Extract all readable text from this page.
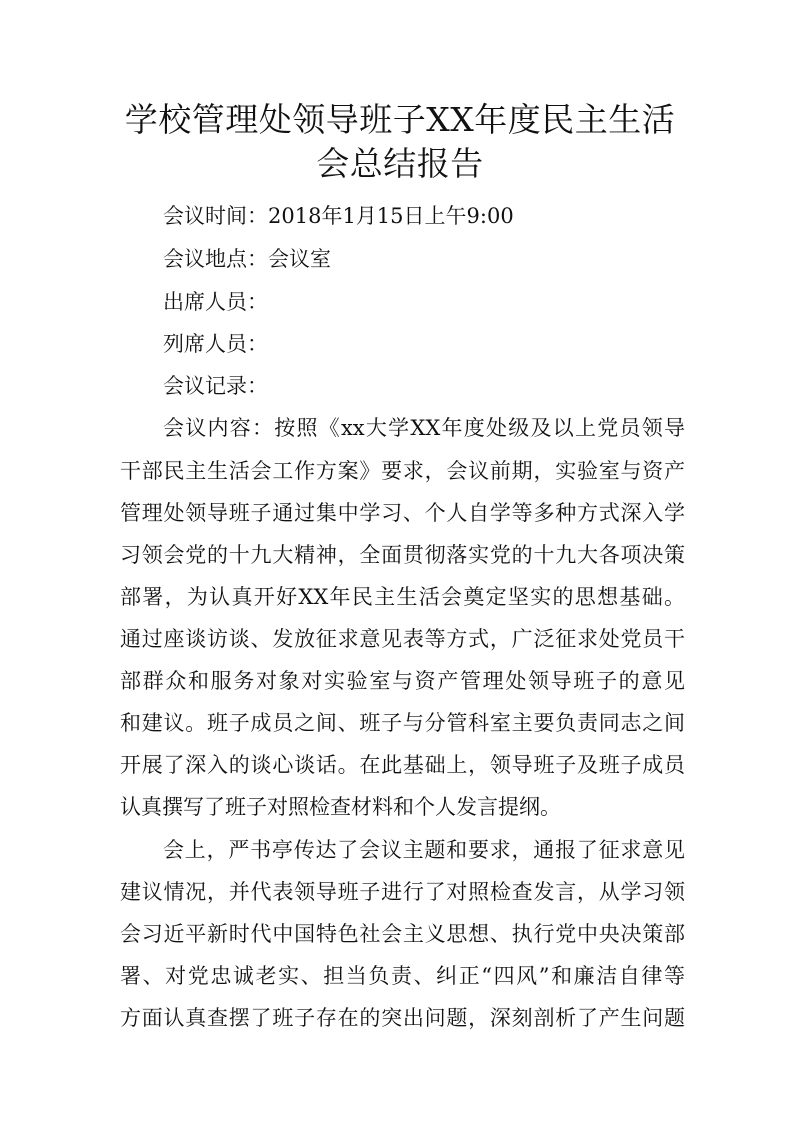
学校管理处领导班子XX年度民主生活会总结报告
会议时间：2018年1月15日上午9:00
会议地点：会议室
出席人员：
列席人员：
会议记录：
会议内容：按照《xx大学XX年度处级及以上党员领导
干部民主生活会工作方案》要求，会议前期，实验室与资产
管理处领导班子通过集中学习、个人自学等多种方式深入学
习领会党的十九大精神，全面贯彻落实党的十九大各项决策
部署，为认真开好XX年民主生活会奠定坚实的思想基础。
通过座谈访谈、发放征求意见表等方式，广泛征求处党员干
部群众和服务对象对实验室与资产管理处领导班子的意见
和建议。班子成员之间、班子与分管科室主要负责同志之间
开展了深入的谈心谈话。在此基础上，领导班子及班子成员
认真撰写了班子对照检查材料和个人发言提纲。
会上，严书亭传达了会议主题和要求，通报了征求意见
建议情况，并代表领导班子进行了对照检查发言，从学习领
会习近平新时代中国特色社会主义思想、执行党中央决策部
署、对党忠诚老实、担当负责、纠正“四风”和廉洁自律等
方面认真查摆了班子存在的突出问题，深刻剖析了产生问题
